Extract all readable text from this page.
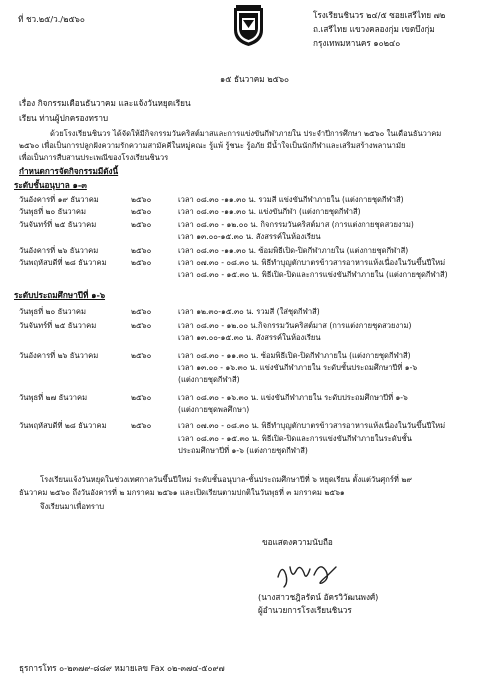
ที่ ชว.๒๕/ว./๒๕๖๐	โรงเรียนชินวร ๒๔/๕ ซอยเสรีไทย ๗๒
ถ.เสรีไทย แขวงคลองกุ่ม เขตบึงกุ่ม
กรุงเทพมหานคร ๑๐๒๔๐
๑๕ ธันวาคม ๒๕๖๐
เรื่อง กิจกรรมเดือนธันวาคม และแจ้งวันหยุดเรียน
เรียน ท่านผู้ปกครองทราบ
ด้วยโรงเรียนชินวร ได้จัดให้มีกิจกรรมวันคริสต์มาสและการแข่งขันกีฬาภายใน ประจำปีการศึกษา ๒๕๖๐ ในเดือนธันวาคม
๒๕๖๐ เพื่อเป็นการปลูกฝังความรักความสามัคคีในหมู่คณะ รู้แพ้ รู้ชนะ รู้อภัย มีน้ำใจเป็นนักกีฬาและเสริมสร้างพลานามัย
เพื่อเป็นการสืบสานประเพณีของโรงเรียนชินวร
กำหนดการจัดกิจกรรมมีดังนี้
ระดับชั้นอนุบาล ๑-๓
วันอังคารที่ ๑๙ ธันวาคม	๒๕๖๐	เวลา ๐๘.๓๐ -๑๑.๓๐ น. รวมสี แข่งขันกีฬาภายใน (แต่งกายชุดกีฬาสี)
วันพุธที่ ๒๐ ธันวาคม	๒๕๖๐	เวลา ๐๘.๓๐ -๑๑.๓๐ น. แข่งขันกีฬา (แต่งกายชุดกีฬาสี)
วันจันทร์ที่ ๒๕ ธันวาคม	๒๕๖๐	เวลา ๐๘.๓๐ - ๑๒.๐๐ น. กิจกรรมวันคริสต์มาส (การแต่งกายชุดสวยงาม)
เวลา ๑๓.๐๐-๑๕.๓๐ น. สังสรรค์ในห้องเรียน
วันอังคารที่ ๒๖ ธันวาคม	๒๕๖๐	เวลา ๐๘.๓๐ -๑๑.๓๐ น. ซ้อมพิธีเปิด-ปิดกีฬาภายใน (แต่งกายชุดกีฬาสี)
วันพฤหัสบดีที่ ๒๘ ธันวาคม	๒๕๖๐	เวลา ๐๗.๓๐ - ๐๘.๓๐ น. พิธีทำบุญตักบาตรข้าวสารอาหารแห้งเนื่องในวันขึ้นปีใหม่
เวลา ๐๘.๓๐ - ๑๕.๓๐ น. พิธีเปิด-ปิดและการแข่งขันกีฬาภายใน (แต่งกายชุดกีฬาสี)
ระดับประถมศึกษาปีที่ ๑-๖
วันพุธที่ ๒๐ ธันวาคม	๒๕๖๐	เวลา ๑๒.๓๐-๑๕.๓๐ น. รวมสี (ใส่ชุดกีฬาสี)
วันจันทร์ที่ ๒๕ ธันวาคม	๒๕๖๐	เวลา ๐๘.๓๐ - ๑๒.๐๐ น.กิจกรรมวันคริสต์มาส (การแต่งกายชุดสวยงาม)
เวลา ๑๓.๐๐-๑๕.๓๐ น. สังสรรค์ในห้องเรียน
วันอังคารที่ ๒๖ ธันวาคม	๒๕๖๐	เวลา ๐๘.๓๐ - ๑๑.๓๐ น. ซ้อมพิธีเปิด-ปิดกีฬาภายใน (แต่งกายชุดกีฬาสี)
เวลา ๑๓.๐๐ - ๑๖.๓๐ น. แข่งขันกีฬาภายใน ระดับชั้นประถมศึกษาปีที่ ๑-๖
(แต่งกายชุดกีฬาสี)
วันพุธที่ ๒๗ ธันวาคม	๒๕๖๐	เวลา ๐๘.๓๐ - ๑๖.๓๐ น. แข่งขันกีฬาภายใน ระดับประถมศึกษาปีที่ ๑-๖
(แต่งกายชุดพลศึกษา)
วันพฤหัสบดีที่ ๒๘ ธันวาคม	๒๕๖๐	เวลา ๐๗.๓๐ - ๐๘.๓๐ น. พิธีทำบุญตักบาตรข้าวสารอาหารแห้งเนื่องในวันขึ้นปีใหม่
เวลา ๐๘.๓๐ - ๑๕.๓๐ น. พิธีเปิด-ปิดและการแข่งขันกีฬาภายในระดับชั้น
ประถมศึกษาปีที่ ๑-๖ (แต่งกายชุดกีฬาสี)
โรงเรียนแจ้งวันหยุดในช่วงเทศกาลวันขึ้นปีใหม่ ระดับชั้นอนุบาล-ชั้นประถมศึกษาปีที่ ๖ หยุดเรียน ตั้งแต่วันศุกร์ที่ ๒๙
ธันวาคม ๒๕๖๐ ถึงวันอังคารที่ ๒ มกราคม ๒๕๖๑ และเปิดเรียนตามปกติในวันพุธที่ ๓ มกราคม ๒๕๖๑
จึงเรียนมาเพื่อทราบ
ขอแสดงความนับถือ
(นางสาวชฎิลรัตน์ อัครวิวัฒนพงศ์)
ผู้อำนวยการโรงเรียนชินวร
ธุรการโทร ๐-๒๓๗๙-๘๘๙ หมายเลข Fax ๐๒-๓๗๔-๕๐๙๗
